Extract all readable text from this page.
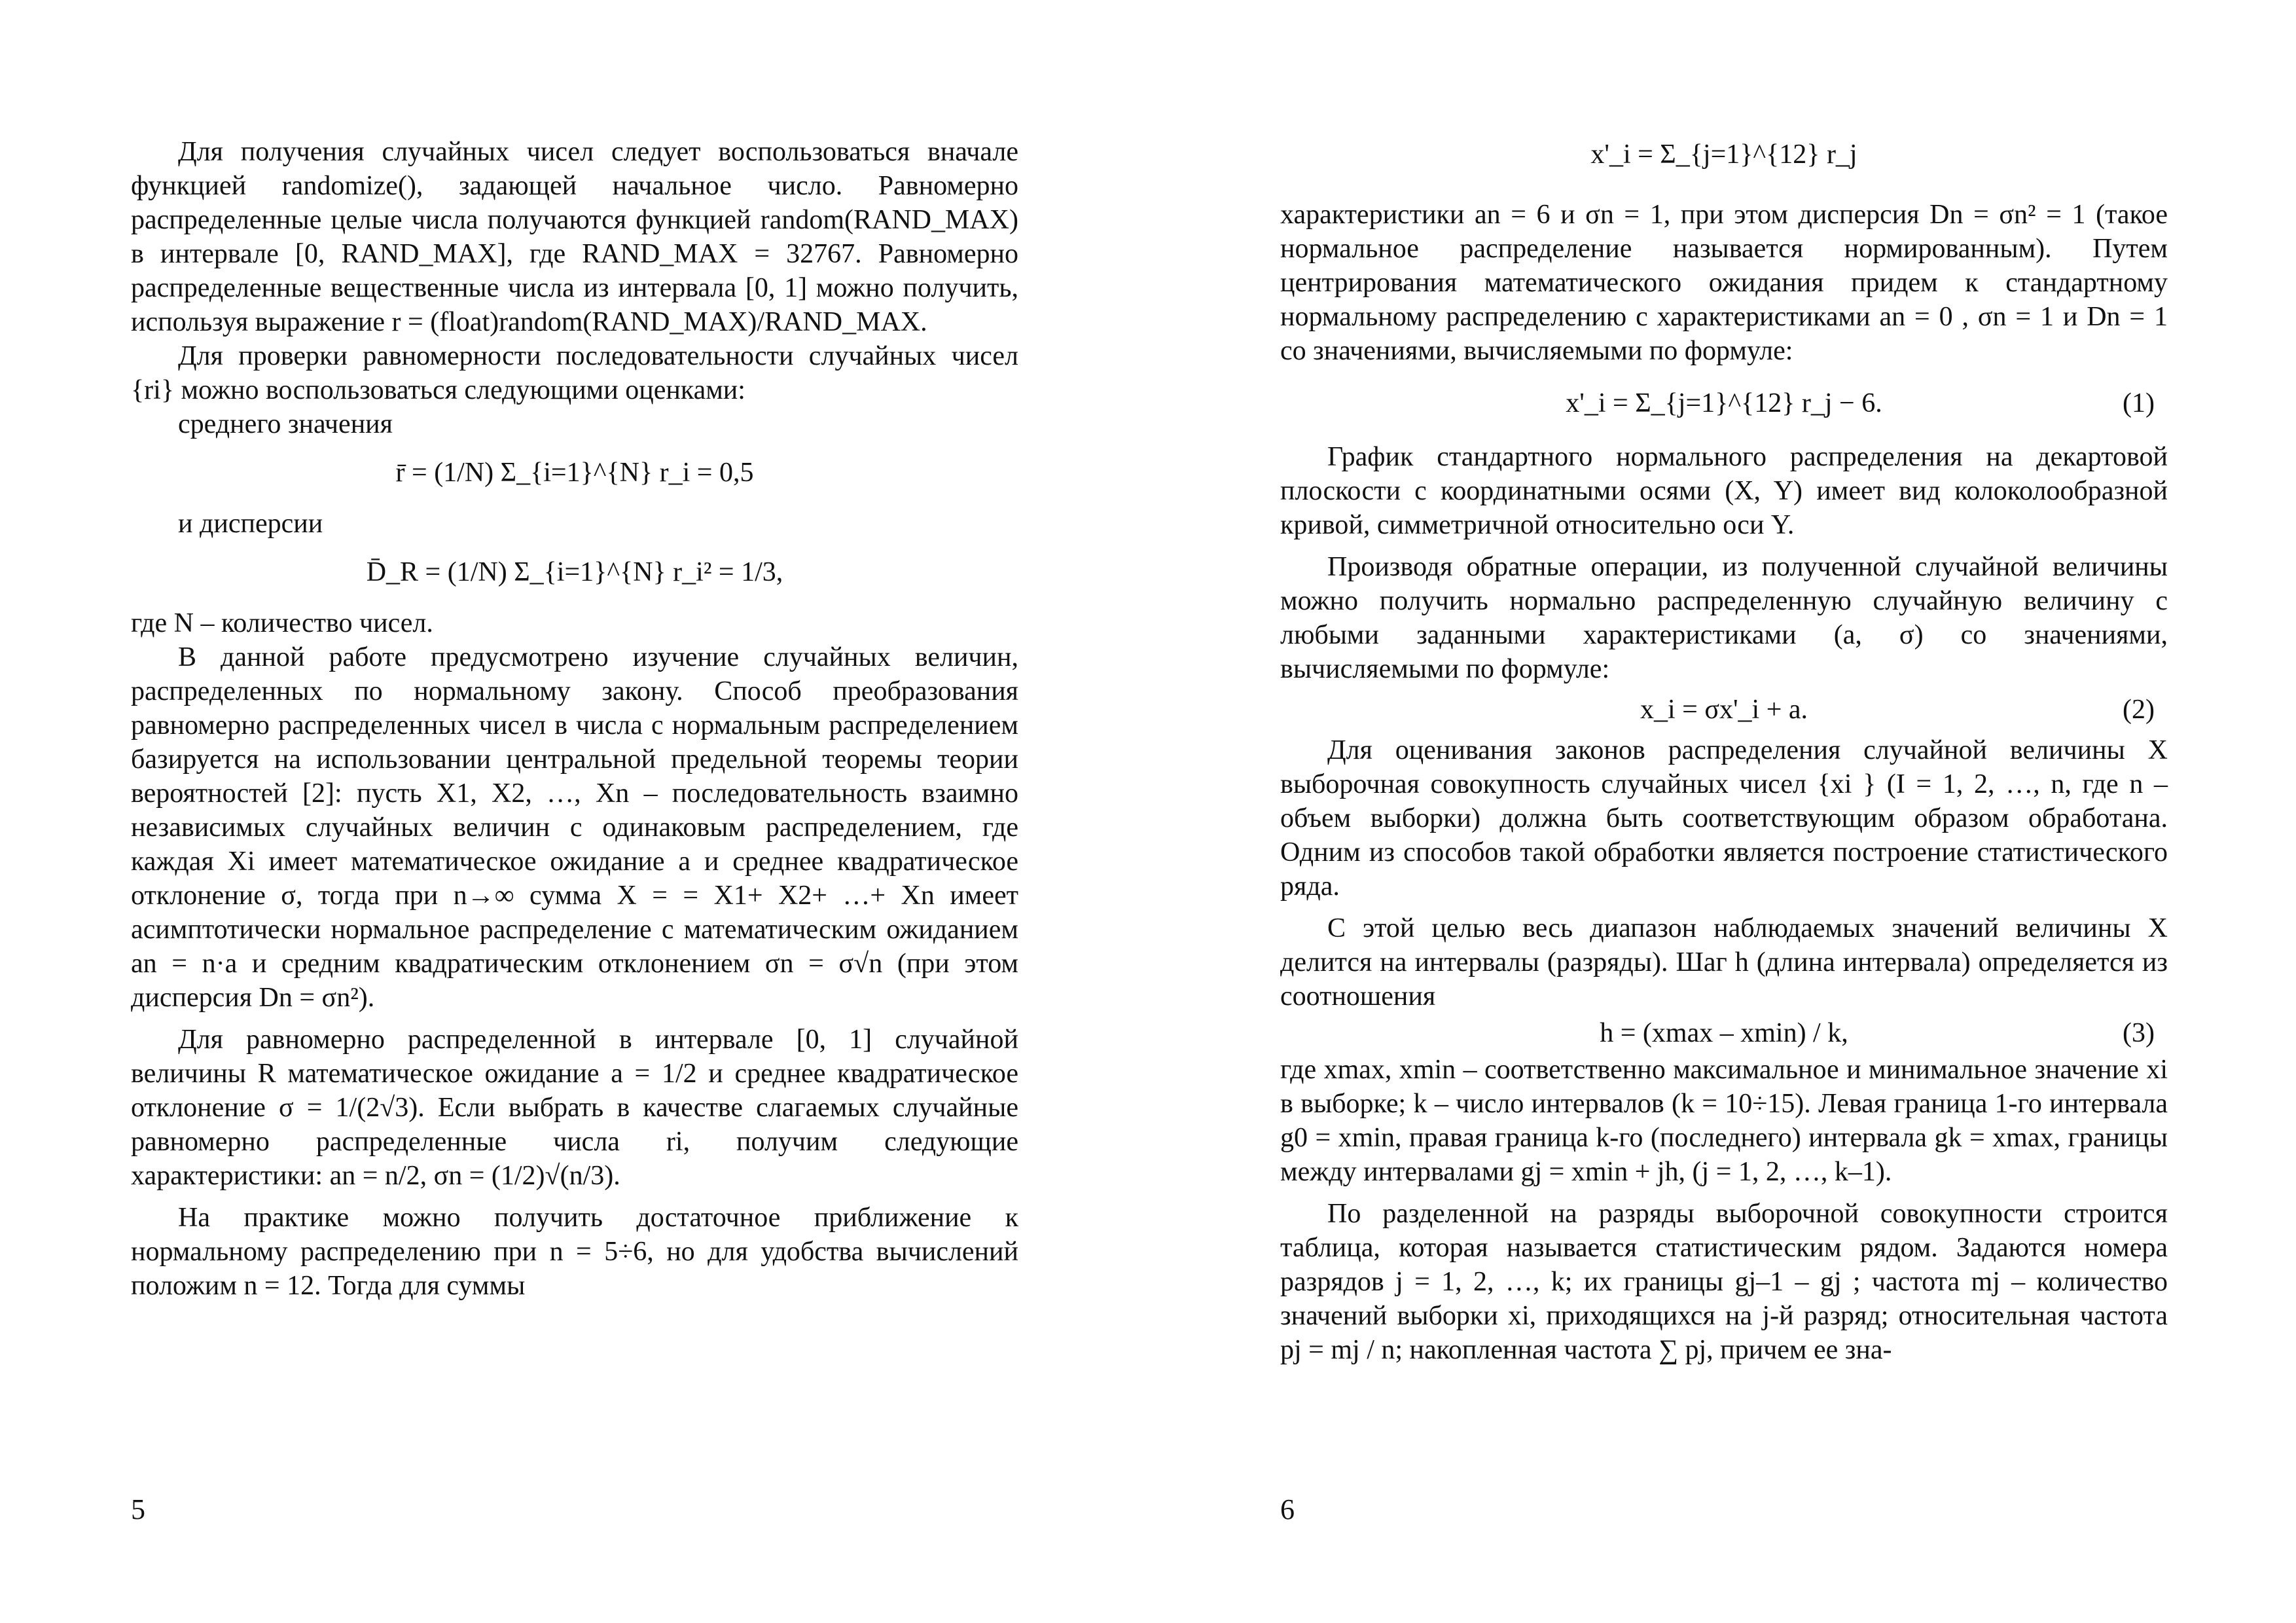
Для получения случайных чисел следует воспользоваться вначале функцией randomize(), задающей начальное число. Равномерно распределенные целые числа получаются функцией random(RAND_MAX) в интервале [0, RAND_MAX], где RAND_MAX = 32767. Равномерно распределенные вещественные числа из интервала [0, 1] можно получить, используя выражение r = (float)random(RAND_MAX)/RAND_MAX.

Для проверки равномерности последовательности случайных чисел {ri} можно воспользоваться следующими оценками:

среднего значения

r̄ = (1/N) Σ_{i=1}^{N} r_i = 0,5

и дисперсии

D̄_R = (1/N) Σ_{i=1}^{N} r_i² = 1/3,

где N – количество чисел.

В данной работе предусмотрено изучение случайных величин, распределенных по нормальному закону. Способ преобразования равномерно распределенных чисел в числа с нормальным распределением базируется на использовании центральной предельной теоремы теории вероятностей [2]: пусть X1, X2, …, Xn – последовательность взаимно независимых случайных величин с одинаковым распределением, где каждая Xi имеет математическое ожидание a и среднее квадратическое отклонение σ, тогда при n→∞ сумма X = = X1+ X2+ …+ Xn имеет асимптотически нормальное распределение с математическим ожиданием an = n·a и средним квадратическим отклонением σn = σ√n (при этом дисперсия Dn = σn²).

Для равномерно распределенной в интервале [0, 1] случайной величины R математическое ожидание a = 1/2 и среднее квадратическое отклонение σ = 1/(2√3). Если выбрать в качестве слагаемых случайные равномерно распределенные числа ri, получим следующие характеристики: an = n/2, σn = (1/2)√(n/3).

На практике можно получить достаточное приближение к нормальному распределению при n = 5÷6, но для удобства вычислений положим n = 12. Тогда для суммы

5
x'_i = Σ_{j=1}^{12} r_j

характеристики an = 6 и σn = 1, при этом дисперсия Dn = σn² = 1 (такое нормальное распределение называется нормированным). Путем центрирования математического ожидания придем к стандартному нормальному распределению с характеристиками an = 0 , σn = 1 и Dn = 1 со значениями, вычисляемыми по формуле:

x'_i = Σ_{j=1}^{12} r_j − 6.	(1)

График стандартного нормального распределения на декартовой плоскости с координатными осями (X, Y) имеет вид колоколообразной кривой, симметричной относительно оси Y.

Производя обратные операции, из полученной случайной величины можно получить нормально распределенную случайную величину с любыми заданными характеристиками (a, σ) со значениями, вычисляемыми по формуле:

x_i = σx'_i + a.	(2)

Для оценивания законов распределения случайной величины X выборочная совокупность случайных чисел {xi } (I = 1, 2, …, n, где n – объем выборки) должна быть соответствующим образом обработана. Одним из способов такой обработки является построение статистического ряда.

С этой целью весь диапазон наблюдаемых значений величины X делится на интервалы (разряды). Шаг h (длина интервала) определяется из соотношения

h = (xmax – xmin) / k,	(3)

где xmax, xmin – соответственно максимальное и минимальное значение xi в выборке; k – число интервалов (k = 10÷15). Левая граница 1-го интервала g0 = xmin, правая граница k-го (последнего) интервала gk = xmax, границы между интервалами gj = xmin + jh, (j = 1, 2, …, k–1).

По разделенной на разряды выборочной совокупности строится таблица, которая называется статистическим рядом. Задаются номера разрядов j = 1, 2, …, k; их границы gj–1 – gj ; частота mj – количество значений выборки xi, приходящихся на j-й разряд; относительная частота pj = mj / n; накопленная частота ∑ pj, причем ее зна-

6
